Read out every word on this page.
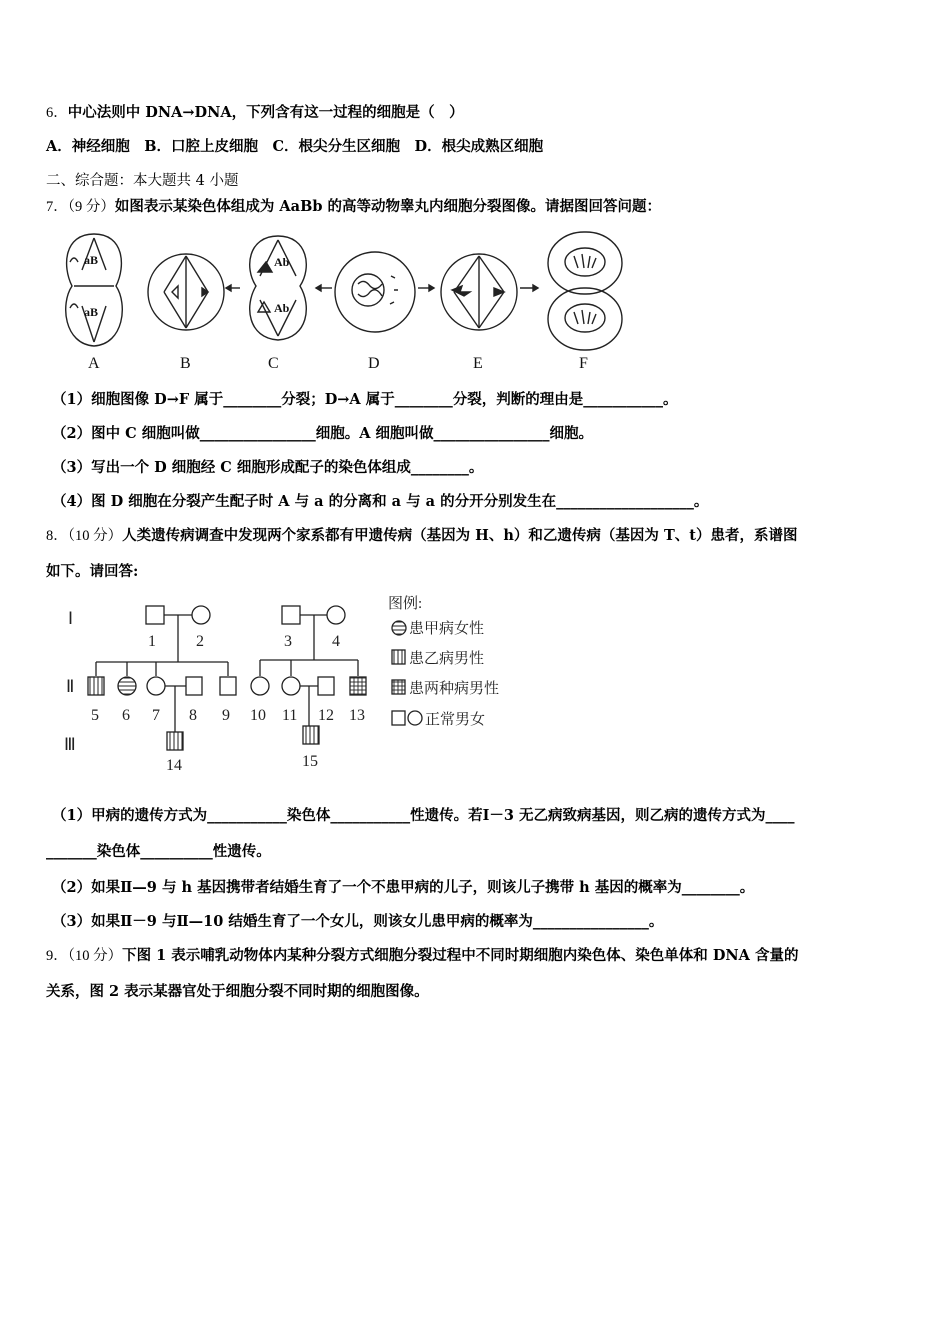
6．中心法则中 DNA→DNA，下列含有这一过程的细胞是（　）
A．神经细胞　B．口腔上皮细胞　C．根尖分生区细胞　D．根尖成熟区细胞
二、综合题：本大题共 4 小题
7．（9 分）如图表示某染色体组成为 AaBb 的高等动物睾丸内细胞分裂图像。请据图回答问题：
aB
aB
Ab
Ab
A	B	C	D	E	F
（1）细胞图像 D→F 属于________分裂；D→A 属于________分裂，判断的理由是___________。
（2）图中 C 细胞叫做________________细胞。A 细胞叫做________________细胞。
（3）写出一个 D 细胞经 C 细胞形成配子的染色体组成________。
（4）图 D 细胞在分裂产生配子时 A 与 a 的分离和 a 与 a 的分开分别发生在___________________。
8．（10 分）人类遗传病调查中发现两个家系都有甲遗传病（基因为 H、h）和乙遗传病（基因为 T、t）患者，系谱图
如下。请回答:
Ⅰ
Ⅱ
Ⅲ
1	2	3	4
5 6 7 8 9 10 11 12 13
14	15
图例:
患甲病女性
患乙病男性
患两种病男性
正常男女
（1）甲病的遗传方式为___________染色体___________性遗传。若Ⅰ－3 无乙病致病基因，则乙病的遗传方式为____
_______染色体__________性遗传。
（2）如果Ⅱ—9 与 h 基因携带者结婚生育了一个不患甲病的儿子，则该儿子携带 h 基因的概率为________。
（3）如果Ⅱ－9 与Ⅱ—10 结婚生育了一个女儿，则该女儿患甲病的概率为________________。
9．（10 分）下图 1 表示哺乳动物体内某种分裂方式细胞分裂过程中不同时期细胞内染色体、染色单体和 DNA 含量的
关系，图 2 表示某器官处于细胞分裂不同时期的细胞图像。
